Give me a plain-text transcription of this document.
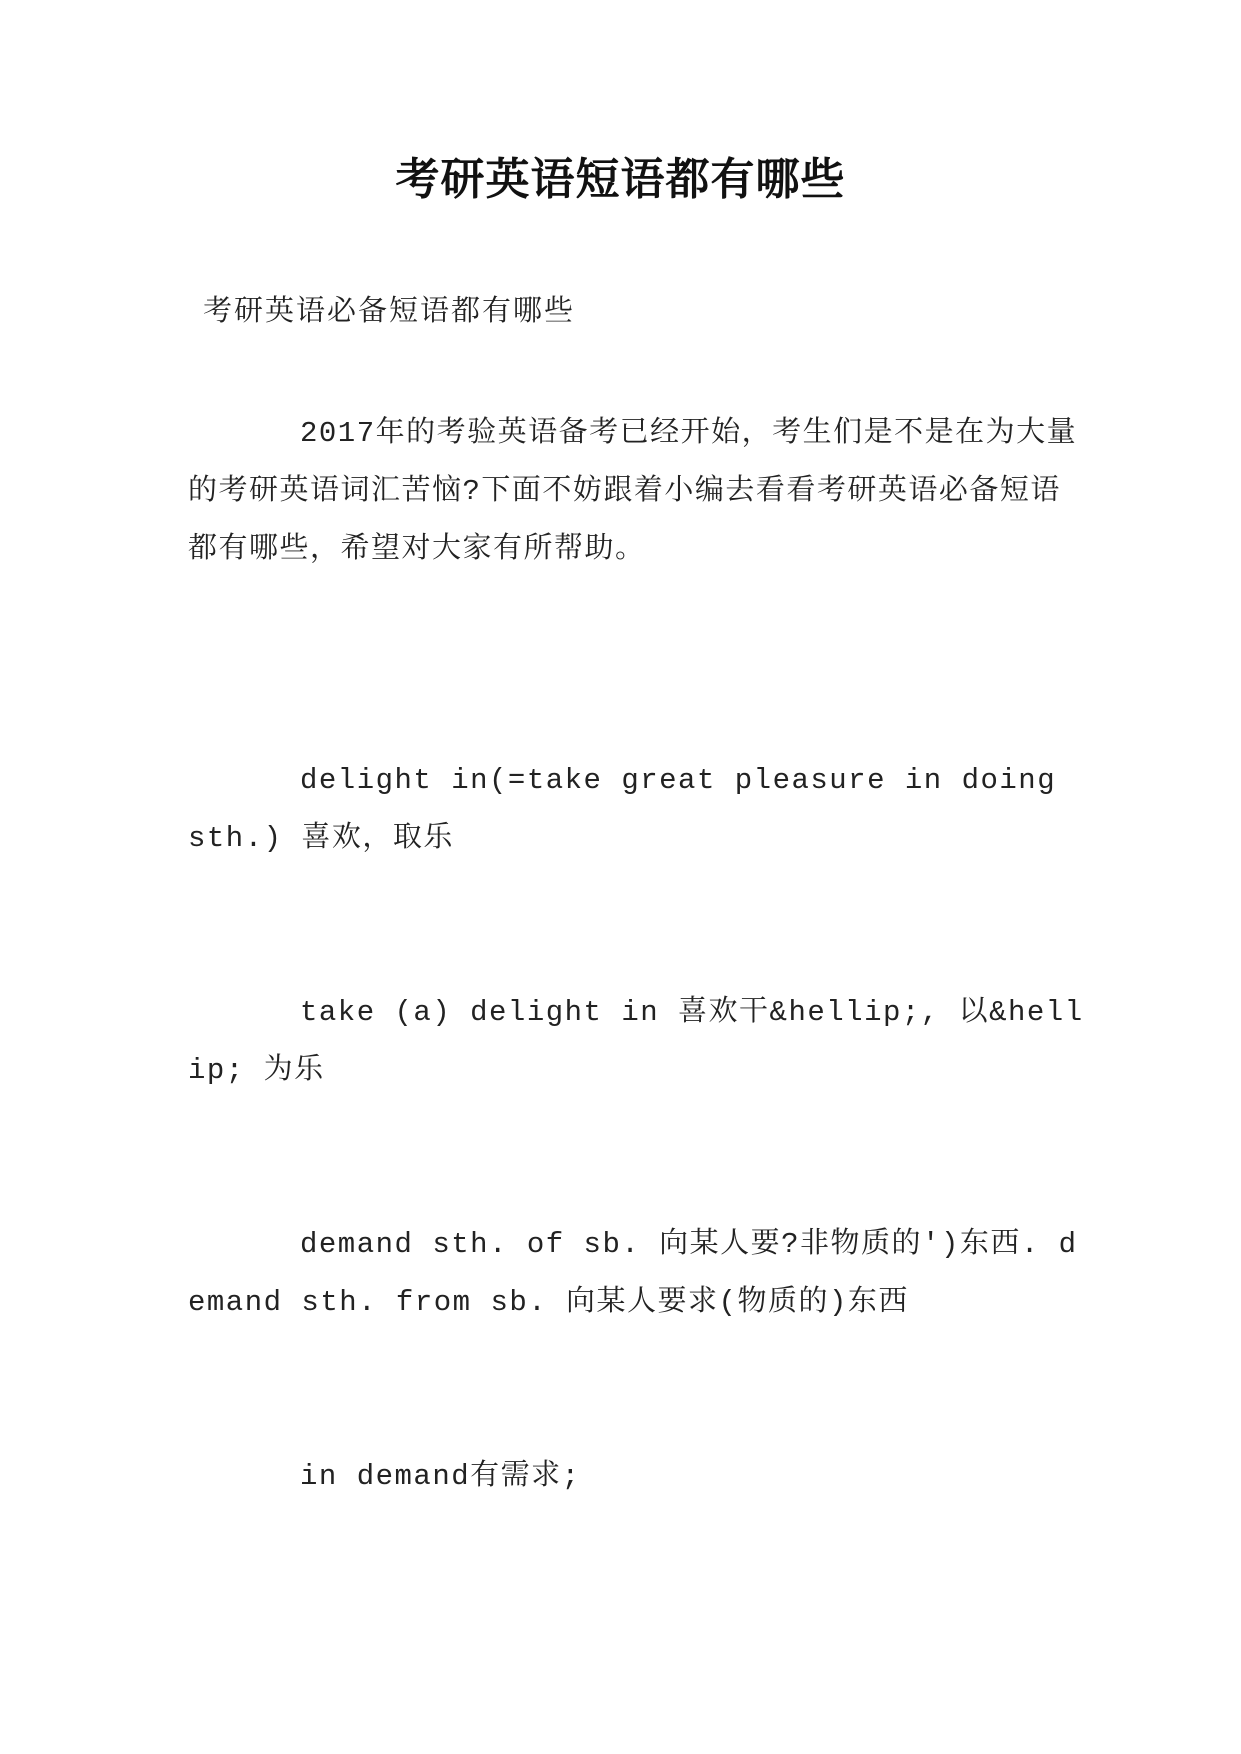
考研英语短语都有哪些
考研英语必备短语都有哪些

2017年的考验英语备考已经开始，考生们是不是在为大量的考研英语词汇苦恼?下面不妨跟着小编去看看考研英语必备短语都有哪些，希望对大家有所帮助。

delight in(=take great pleasure in doing sth.) 喜欢，取乐

take (a) delight in 喜欢干&hellip;, 以&hellip; 为乐

demand sth. of sb. 向某人要?非物质的')东西. demand sth. from sb. 向某人要求(物质的)东西

in demand有需求;
